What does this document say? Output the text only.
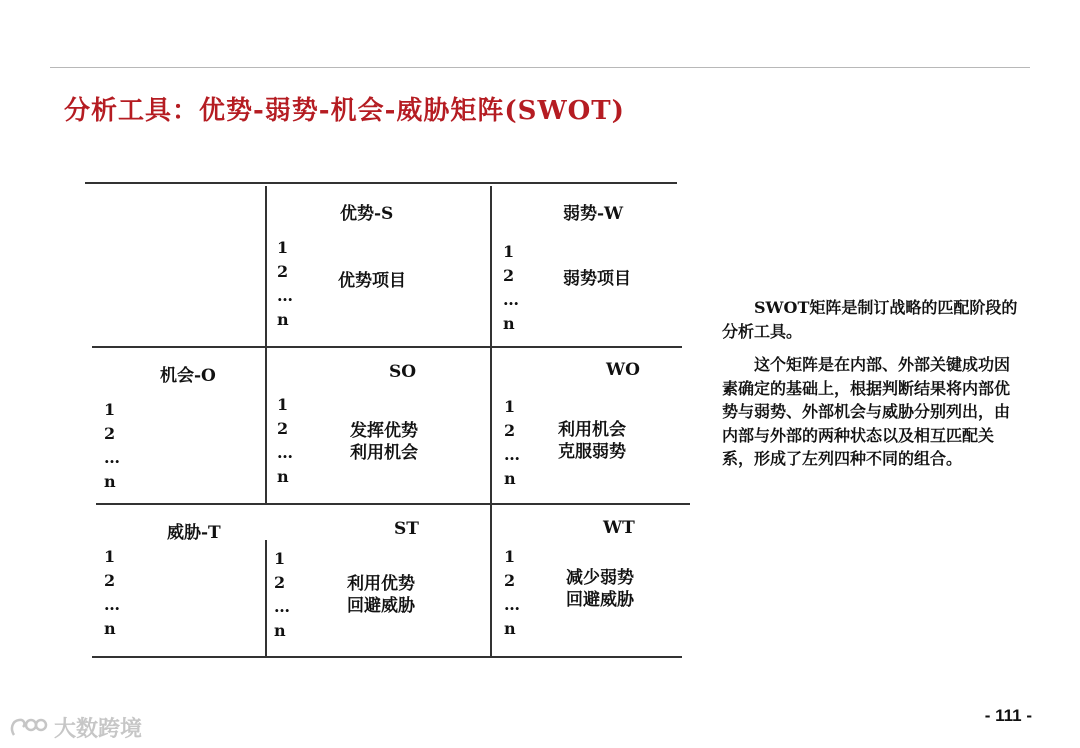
分析工具：优势-弱势-机会-威胁矩阵(SWOT)
优势-S	弱势-W
1
2
…
n
优势项目
1
2
…
n
弱势项目
机会-O
1
2
…
n
SO
1
2
…
n
发挥优势
利用机会
WO
1
2
…
n
利用机会
克服弱势
威胁-T
1
2
…
n
ST
1
2
…
n
利用优势
回避威胁
WT
1
2
…
n
减少弱势
回避威胁

SWOT矩阵是制订战略的匹配阶段的分析工具。

这个矩阵是在内部、外部关键成功因素确定的基础上，根据判断结果将内部优势与弱势、外部机会与威胁分别列出，由内部与外部的两种状态以及相互匹配关系，形成了左列四种不同的组合。

大数跨境
- 111 -
